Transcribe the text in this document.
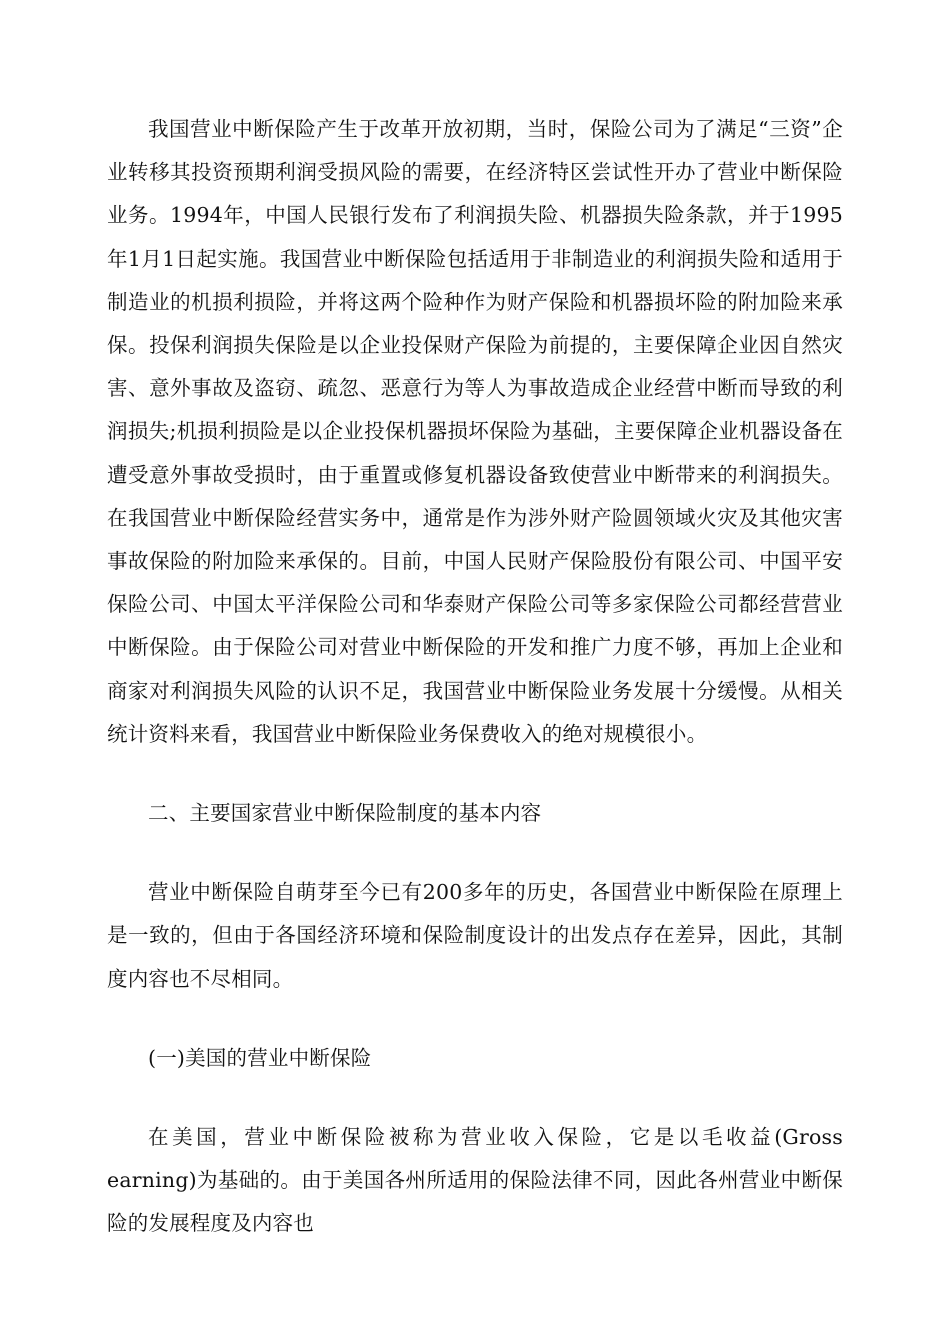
我国营业中断保险产生于改革开放初期，当时，保险公司为了满足“三资”企业转移其投资预期利润受损风险的需要，在经济特区尝试性开办了营业中断保险业务。1994年，中国人民银行发布了利润损失险、机器损失险条款，并于1995年1月1日起实施。我国营业中断保险包括适用于非制造业的利润损失险和适用于制造业的机损利损险，并将这两个险种作为财产保险和机器损坏险的附加险来承保。投保利润损失保险是以企业投保财产保险为前提的，主要保障企业因自然灾害、意外事故及盗窃、疏忽、恶意行为等人为事故造成企业经营中断而导致的利润损失;机损利损险是以企业投保机器损坏保险为基础，主要保障企业机器设备在遭受意外事故受损时，由于重置或修复机器设备致使营业中断带来的利润损失。在我国营业中断保险经营实务中，通常是作为涉外财产险圆领域火灾及其他灾害事故保险的附加险来承保的。目前，中国人民财产保险股份有限公司、中国平安保险公司、中国太平洋保险公司和华泰财产保险公司等多家保险公司都经营营业中断保险。由于保险公司对营业中断保险的开发和推广力度不够，再加上企业和商家对利润损失风险的认识不足，我国营业中断保险业务发展十分缓慢。从相关统计资料来看，我国营业中断保险业务保费收入的绝对规模很小。

二、主要国家营业中断保险制度的基本内容

营业中断保险自萌芽至今已有200多年的历史，各国营业中断保险在原理上是一致的，但由于各国经济环境和保险制度设计的出发点存在差异，因此，其制度内容也不尽相同。

(一)美国的营业中断保险

在美国，营业中断保险被称为营业收入保险，它是以毛收益(Gross earning)为基础的。由于美国各州所适用的保险法律不同，因此各州营业中断保险的发展程度及内容也
